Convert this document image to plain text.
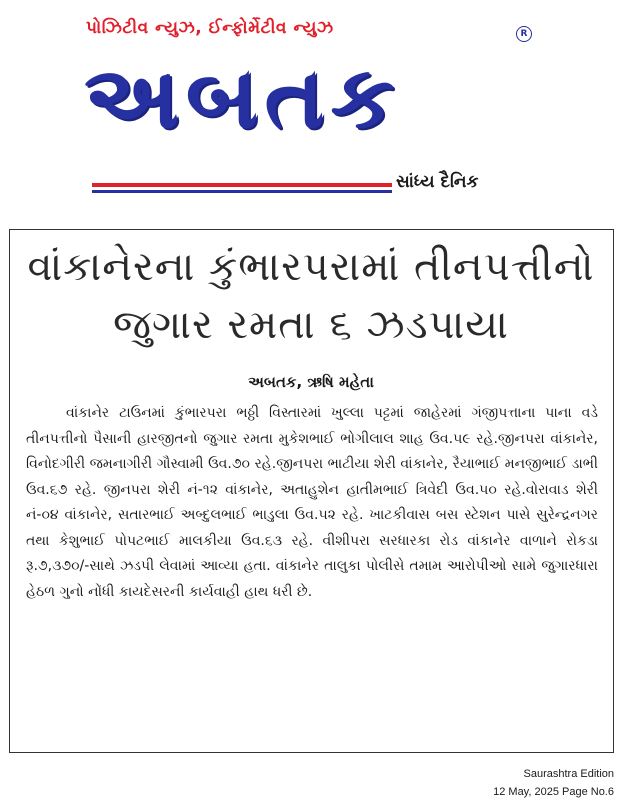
પોઝિટીવ ન્યુઝ, ઈન્ફોર્મેટીવ ન્યુઝ
અબતક
R
સાંધ્ય દૈનિક
વાંકાનેરના કુંભારપરામાં તીનપત્તીનો જુગાર રમતા ૬ ઝડપાયા
અબતક, ઋષિ મહેતા
વાંકાનેર ટાઉનમાં કુંભારપરા ભઠ્ઠી વિસ્તારમાં ખુલ્લા પટ્ટમાં જાહેરમાં ગંજીપત્તાના પાના વડે તીનપત્તીનો પૈસાની હારજીતનો જુગાર રમતા મુકેશભાઈ ભોગીલાલ શાહ ઉવ.૫૯ રહે.જીનપરા વાંકાનેર, વિનોદગીરી જમનાગીરી ગૌસ્વામી ઉવ.૭૦ રહે.જીનપરા ભાટીયા શેરી વાંકાનેર, રૈયાભાઈ મનજીભાઈ ડાભી ઉવ.૬૭ રહે. જીનપરા શેરી નં-૧૨ વાંકાનેર, અતાહુશેન હાતીમભાઈ ત્રિવેદી ઉવ.૫૦ રહે.વોરાવાડ શેરી નં-૦૪ વાંકાનેર, સતારભાઈ અબ્દુલભાઈ ભાડુલા ઉવ.૫૨ રહે. ખાટકીવાસ બસ સ્ટેશન પાસે સુરેન્દ્રનગર તથા કેશુભાઈ પોપટભાઈ માલકીયા ઉવ.૬૩ રહે. વીશીપરા સરધારકા રોડ વાંકાનેર વાળાને રોકડા રૂ.૭,૩૭૦/-સાથે ઝડપી લેવામાં આવ્યા હતા. વાંકાનેર તાલુકા પોલીસે તમામ આરોપીઓ સામે જુગારધારા હેઠળ ગુનો નોંધી કાયદેસરની કાર્યવાહી હાથ ધરી છે.
Saurashtra Edition
12 May, 2025 Page No.6
